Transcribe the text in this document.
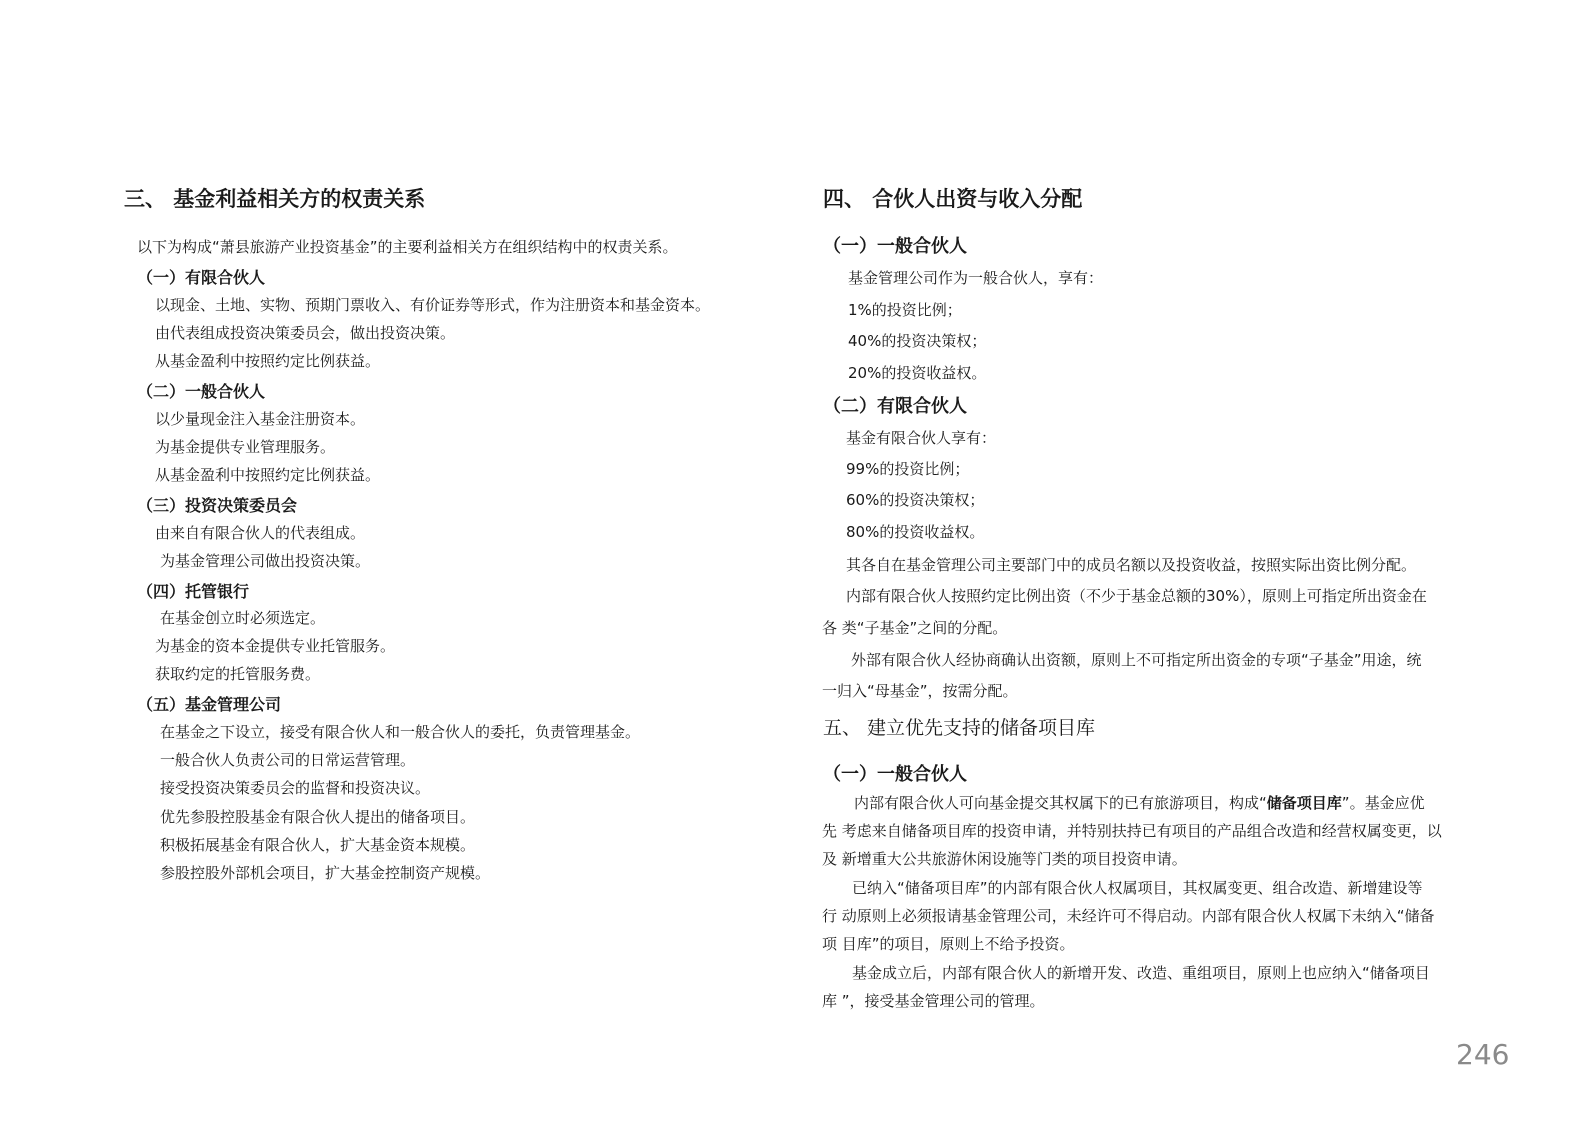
三、 基金利益相关方的权责关系
以下为构成“萧县旅游产业投资基金”的主要利益相关方在组织结构中的权责关系。
（一）有限合伙人
以现金、土地、实物、预期门票收入、有价证券等形式，作为注册资本和基金资本。
由代表组成投资决策委员会，做出投资决策。
从基金盈利中按照约定比例获益。
（二）一般合伙人
以少量现金注入基金注册资本。
为基金提供专业管理服务。
从基金盈利中按照约定比例获益。
（三）投资决策委员会
由来自有限合伙人的代表组成。
为基金管理公司做出投资决策。
（四）托管银行
在基金创立时必须选定。
为基金的资本金提供专业托管服务。
获取约定的托管服务费。
（五）基金管理公司
在基金之下设立，接受有限合伙人和一般合伙人的委托，负责管理基金。
一般合伙人负责公司的日常运营管理。
接受投资决策委员会的监督和投资决议。
优先参股控股基金有限合伙人提出的储备项目。
积极拓展基金有限合伙人，扩大基金资本规模。
参股控股外部机会项目，扩大基金控制资产规模。
四、 合伙人出资与收入分配
（一）一般合伙人
基金管理公司作为一般合伙人，享有：
1%的投资比例；
40%的投资决策权；
20%的投资收益权。
（二）有限合伙人
基金有限合伙人享有：
99%的投资比例；
60%的投资决策权；
80%的投资收益权。
其各自在基金管理公司主要部门中的成员名额以及投资收益，按照实际出资比例分配。
内部有限合伙人按照约定比例出资（不少于基金总额的30%），原则上可指定所出资金在
各 类“子基金”之间的分配。
外部有限合伙人经协商确认出资额，原则上不可指定所出资金的专项“子基金”用途，统
一归入“母基金”，按需分配。
五、 建立优先支持的储备项目库
（一）一般合伙人
内部有限合伙人可向基金提交其权属下的已有旅游项目，构成“储备项目库”。基金应优
先 考虑来自储备项目库的投资申请，并特别扶持已有项目的产品组合改造和经营权属变更，以
及 新增重大公共旅游休闲设施等门类的项目投资申请。
已纳入“储备项目库”的内部有限合伙人权属项目，其权属变更、组合改造、新增建设等
行 动原则上必须报请基金管理公司，未经许可不得启动。内部有限合伙人权属下未纳入“储备
项 目库”的项目，原则上不给予投资。
基金成立后，内部有限合伙人的新增开发、改造、重组项目，原则上也应纳入“储备项目
库 ”，接受基金管理公司的管理。
246
